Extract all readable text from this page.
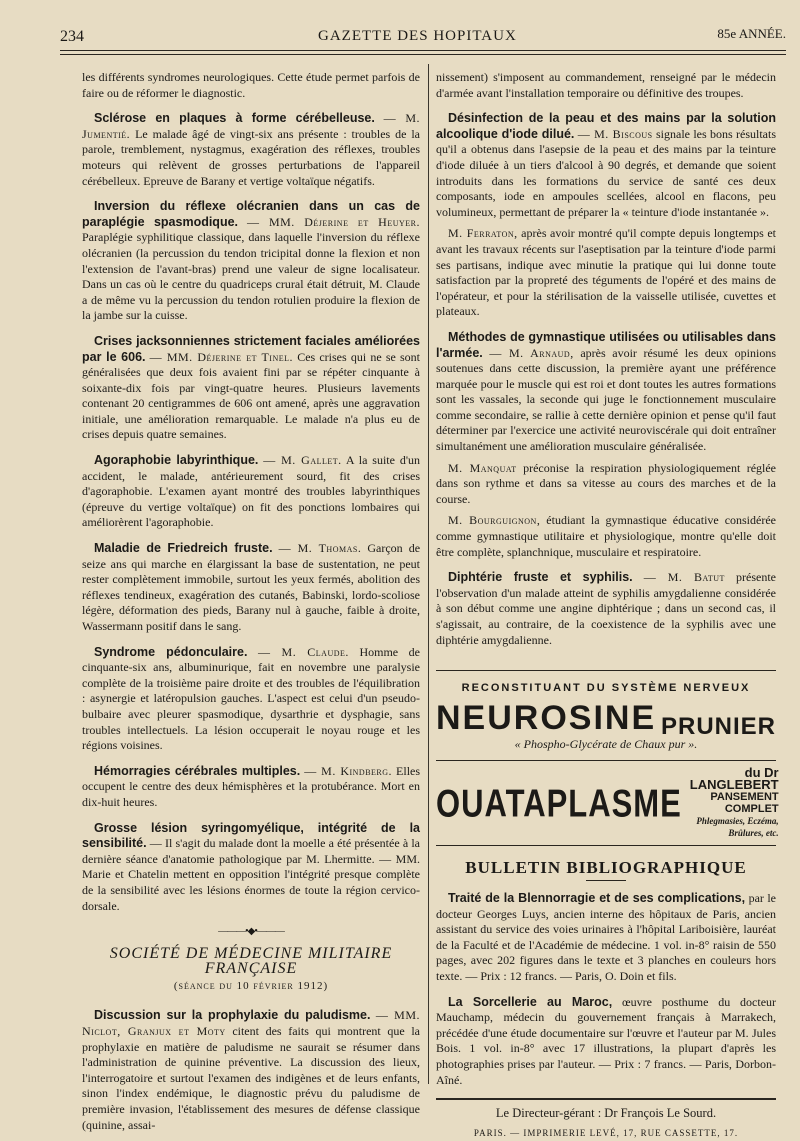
234	GAZETTE DES HOPITAUX	85e ANNÉE.

les différents syndromes neurologiques. Cette étude permet parfois de faire ou de réformer le diagnostic.

Sclérose en plaques à forme cérébelleuse. — M. Jumentié. Le malade âgé de vingt-six ans présente : troubles de la parole, tremblement, nystagmus, exagération des réflexes, troubles moteurs qui relèvent de grosses perturbations de l'appareil cérébelleux. Epreuve de Barany et vertige voltaïque négatifs.

Inversion du réflexe olécranien dans un cas de paraplégie spasmodique. — MM. Déjerine et Heuyer. Paraplégie syphilitique classique, dans laquelle l'inversion du réflexe olécranien (la percussion du tendon tricipital donne la flexion et non l'extension de l'avant-bras) prend une valeur de signe localisateur. Dans un cas où le centre du quadriceps crural était détruit, M. Claude a de même vu la percussion du tendon rotulien produire la flexion de la jambe sur la cuisse.

Crises jacksonniennes strictement faciales améliorées par le 606. — MM. Déjerine et Tinel. Ces crises qui ne se sont généralisées que deux fois avaient fini par se répéter cinquante à soixante-dix fois par vingt-quatre heures. Plusieurs lavements contenant 20 centigrammes de 606 ont amené, après une aggravation initiale, une amélioration remarquable. Le malade n'a plus eu de crises depuis quatre semaines.

Agoraphobie labyrinthique. — M. Gallet. A la suite d'un accident, le malade, antérieurement sourd, fit des crises d'agoraphobie. L'examen ayant montré des troubles labyrinthiques (épreuve du vertige voltaïque) on fit des ponctions lombaires qui améliorèrent l'agoraphobie.

Maladie de Friedreich fruste. — M. Thomas. Garçon de seize ans qui marche en élargissant la base de sustentation, ne peut rester complètement immobile, surtout les yeux fermés, abolition des réflexes tendineux, exagération des cutanés, Babinski, lordo-scoliose légère, déformation des pieds, Barany nul à gauche, faible à droite, Wassermann positif dans le sang.

Syndrome pédonculaire. — M. Claude. Homme de cinquante-six ans, albuminurique, fait en novembre une paralysie complète de la troisième paire droite et des troubles de l'équilibration : asynergie et latéropulsion gauches. L'aspect est celui d'un pseudo-bulbaire avec pleurer spasmodique, dysarthrie et dysphagie, sans troubles intellectuels. La lésion occuperait le noyau rouge et les régions voisines.

Hémorragies cérébrales multiples. — M. Kindberg. Elles occupent le centre des deux hémisphères et la protubérance. Mort en dix-huit heures.

Grosse lésion syringomyélique, intégrité de la sensibilité. — Il s'agit du malade dont la moelle a été présentée à la dernière séance d'anatomie pathologique par M. Lhermitte. — MM. Marie et Chatelin mettent en opposition l'intégrité presque complète de la sensibilité avec les lésions énormes de toute la région cervico-dorsale.

———•◆•———
SOCIÉTÉ DE MÉDECINE MILITAIRE FRANÇAISE
(séance du 10 février 1912)

Discussion sur la prophylaxie du paludisme. — MM. Niclot, Granjux et Moty citent des faits qui montrent que la prophylaxie en matière de paludisme ne saurait se résumer dans l'administration de quinine préventive. La discussion des lieux, l'interrogatoire et surtout l'examen des indigènes et de leurs enfants, sinon l'index endémique, le diagnostic prévu du paludisme de première invasion, l'établissement des mesures de défense classique (quinine, assai-

nissement) s'imposent au commandement, renseigné par le médecin d'armée avant l'installation temporaire ou définitive des troupes.

Désinfection de la peau et des mains par la solution alcoolique d'iode dilué. — M. Biscous signale les bons résultats qu'il a obtenus dans l'asepsie de la peau et des mains par la teinture d'iode diluée à un tiers d'alcool à 90 degrés, et demande que soient introduits dans les formations du service de santé ces deux composants, iode en ampoules scellées, alcool en flacons, peu volumineux, permettant de préparer la « teinture d'iode instantanée ».

M. Ferraton, après avoir montré qu'il compte depuis longtemps et avant les travaux récents sur l'aseptisation par la teinture d'iode parmi ses partisans, indique avec minutie la pratique qui lui donne toute satisfaction par la propreté des téguments de l'opéré et des mains de l'opérateur, et pour la stérilisation de la vaisselle utilisée, cuvettes et plateaux.

Méthodes de gymnastique utilisées ou utilisables dans l'armée. — M. Arnaud, après avoir résumé les deux opinions soutenues dans cette discussion, la première ayant une préférence marquée pour le muscle qui est roi et dont toutes les autres formations sont les vassales, la seconde qui juge le fonctionnement musculaire comme secondaire, se rallie à cette dernière opinion et pense qu'il faut déterminer par l'exercice une activité neuroviscérale qui doit entraîner simultanément une amélioration musculaire généralisée.

M. Manquat préconise la respiration physiologiquement réglée dans son rythme et dans sa vitesse au cours des marches et de la course.

M. Bourguignon, étudiant la gymnastique éducative considérée comme gymnastique utilitaire et physiologique, montre qu'elle doit être complète, splanchnique, musculaire et respiratoire.

Diphtérie fruste et syphilis. — M. Batut présente l'observation d'un malade atteint de syphilis amygdalienne considérée à son début comme une angine diphtérique ; dans un second cas, il s'agissait, au contraire, de la coexistence de la syphilis avec une diphtérie amygdalienne.

RECONSTITUANT DU SYSTÈME NERVEUX
NEUROSINE PRUNIER
« Phospho-Glycérate de Chaux pur ».
OUATAPLASME
du Dr LANGLEBERT
PANSEMENT COMPLET
Phlegmasies, Eczéma, Brûlures, etc.
BULLETIN BIBLIOGRAPHIQUE

Traité de la Blennorragie et de ses complications, par le docteur Georges Luys, ancien interne des hôpitaux de Paris, ancien assistant du service des voies urinaires à l'hôpital Lariboisière, lauréat de la Faculté et de l'Académie de médecine. 1 vol. in-8° raisin de 550 pages, avec 202 figures dans le texte et 3 planches en couleurs hors texte. — Prix : 12 francs. — Paris, O. Doin et fils.

La Sorcellerie au Maroc, œuvre posthume du docteur Mauchamp, médecin du gouvernement français à Marrakech, précédée d'une étude documentaire sur l'œuvre et l'auteur par M. Jules Bois. 1 vol. in-8° avec 17 illustrations, la plupart d'après les photographies prises par l'auteur. — Prix : 7 francs. — Paris, Dorbon-Aîné.

Le Directeur-gérant : Dr François Le Sourd.
PARIS. — IMPRIMERIE LEVÉ, 17, RUE CASSETTE, 17.
